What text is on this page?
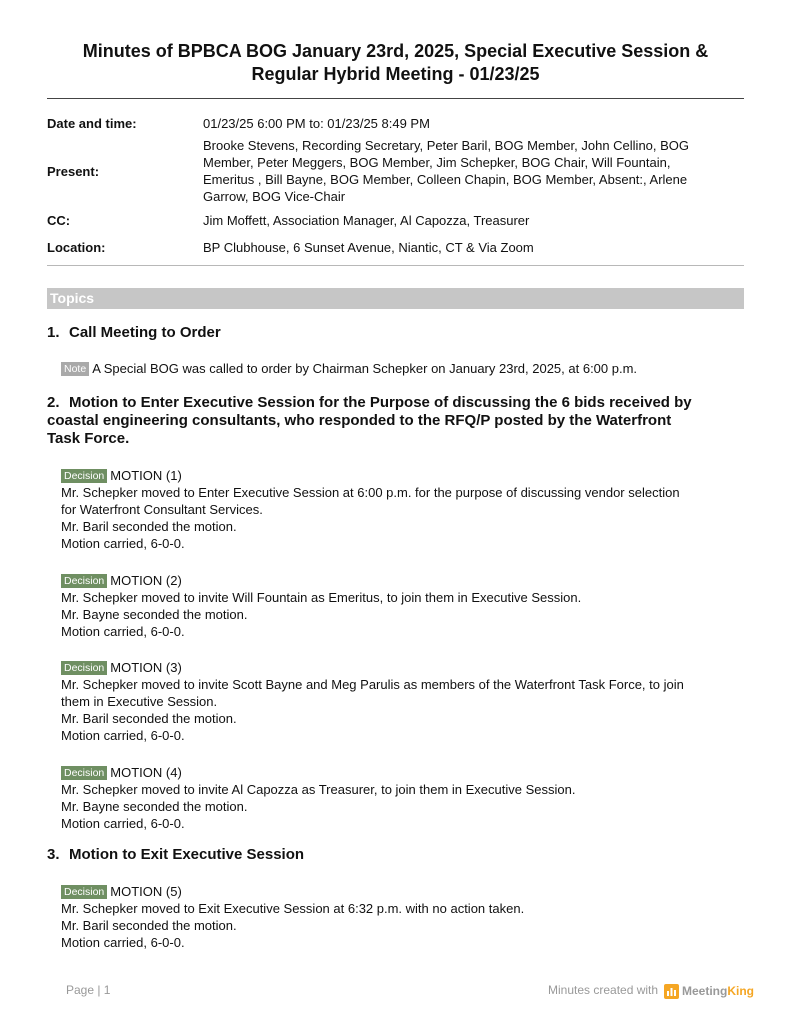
Minutes of BPBCA BOG January 23rd, 2025, Special Executive Session &
Regular Hybrid Meeting - 01/23/25
Date and time:	01/23/25 6:00 PM to: 01/23/25 8:49 PM
Present:
Brooke Stevens, Recording Secretary, Peter Baril, BOG Member, John Cellino, BOG
Member, Peter Meggers, BOG Member, Jim Schepker, BOG Chair, Will Fountain,
Emeritus , Bill Bayne, BOG Member, Colleen Chapin, BOG Member, Absent:, Arlene
Garrow, BOG Vice-Chair
CC:	Jim Moffett, Association Manager, Al Capozza, Treasurer
Location:	BP Clubhouse, 6 Sunset Avenue, Niantic, CT & Via Zoom
Topics
1. Call Meeting to Order
Note A Special BOG was called to order by Chairman Schepker on January 23rd, 2025, at 6:00 p.m.
2. Motion to Enter Executive Session for the Purpose of discussing the 6 bids received by
coastal engineering consultants, who responded to the RFQ/P posted by the Waterfront
Task Force.
Decision MOTION (1)
Mr. Schepker moved to Enter Executive Session at 6:00 p.m. for the purpose of discussing vendor selection
for Waterfront Consultant Services.
Mr. Baril seconded the motion.
Motion carried, 6-0-0.
Decision MOTION (2)
Mr. Schepker moved to invite Will Fountain as Emeritus, to join them in Executive Session.
Mr. Bayne seconded the motion.
Motion carried, 6-0-0.
Decision MOTION (3)
Mr. Schepker moved to invite Scott Bayne and Meg Parulis as members of the Waterfront Task Force, to join
them in Executive Session.
Mr. Baril seconded the motion.
Motion carried, 6-0-0.
Decision MOTION (4)
Mr. Schepker moved to invite Al Capozza as Treasurer, to join them in Executive Session.
Mr. Bayne seconded the motion.
Motion carried, 6-0-0.
3. Motion to Exit Executive Session
Decision MOTION (5)
Mr. Schepker moved to Exit Executive Session at 6:32 p.m. with no action taken.
Mr. Baril seconded the motion.
Motion carried, 6-0-0.
Page | 1	Minutes created with MeetingKing
